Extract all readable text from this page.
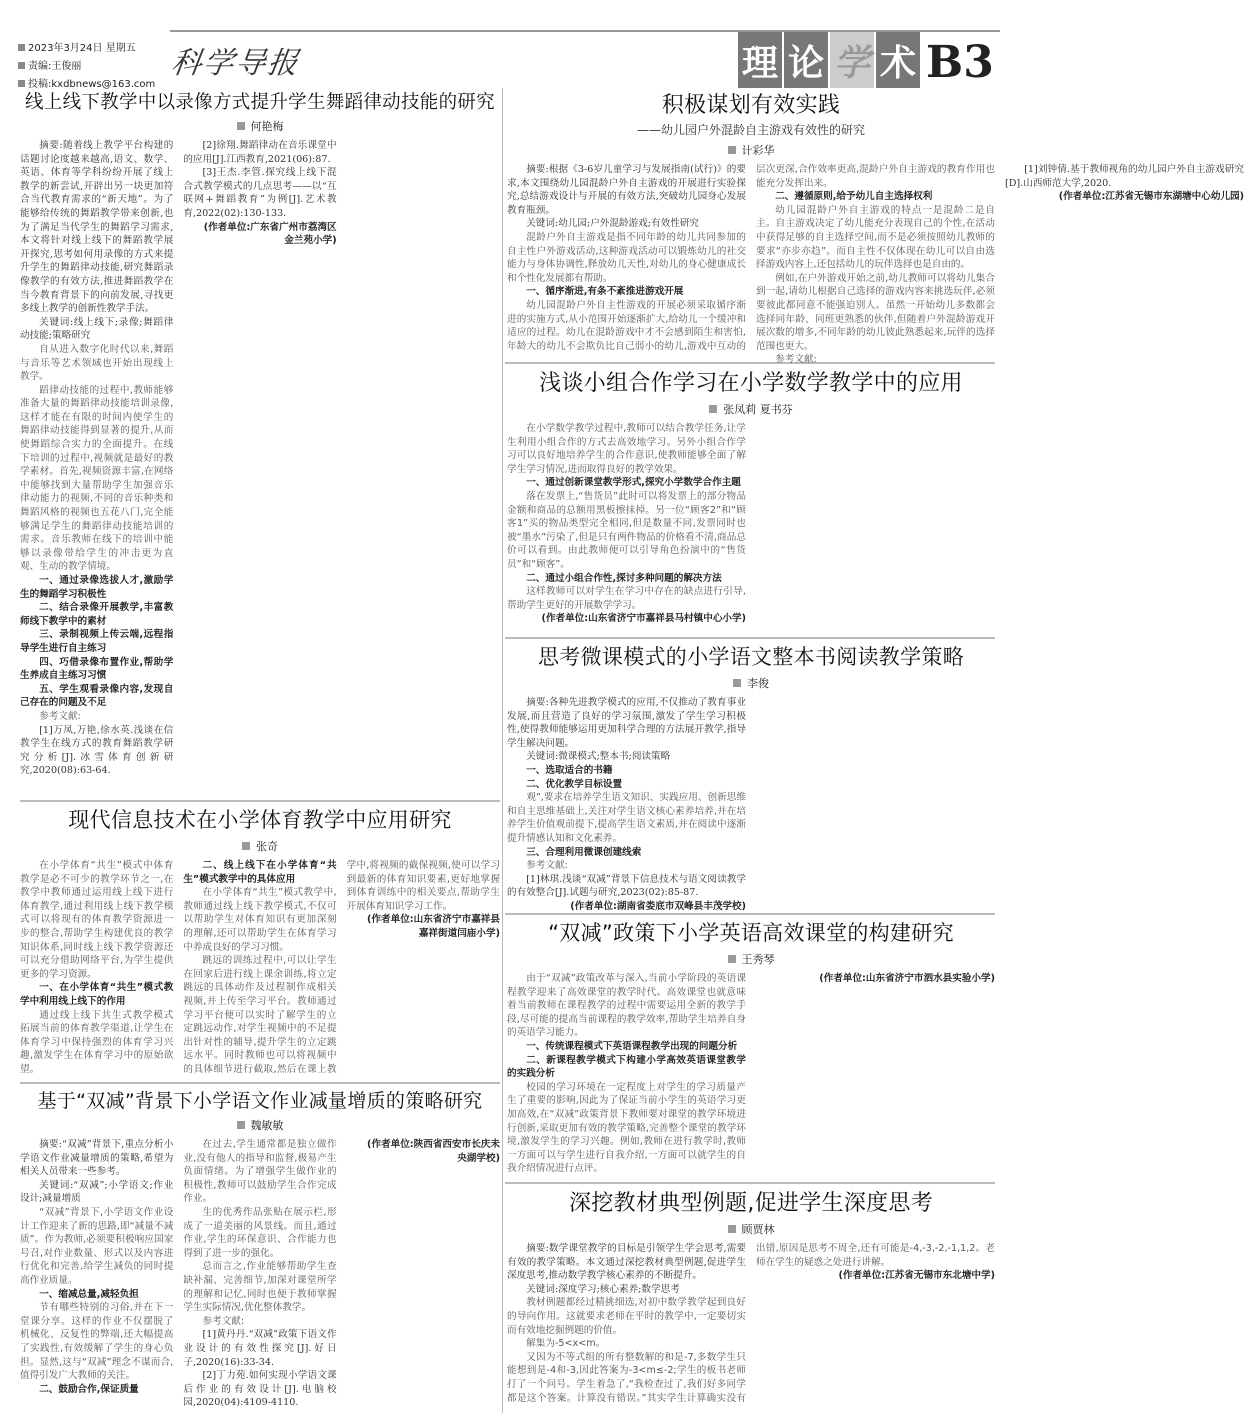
2023年3月24日 星期五
责编:王俊丽
投稿:kxdbnews@163.com
科学导报	理 论 学 术 B3
线上线下教学中以录像方式提升学生舞蹈律动技能的研究
何艳梅

摘要:随着线上教学平台构建的话题讨论度越来越高,语文、数学、英语、体育等学科纷纷开展了线上教学的新尝试,开辟出另一块更加符合当代教育需求的“新天地”。为了能够给传统的舞蹈教学带来创新,也为了满足当代学生的舞蹈学习需求,本文将针对线上线下的舞蹈教学展开探究,思考如何用录像的方式来提升学生的舞蹈律动技能,研究舞蹈录像教学的有效方法,推进舞蹈教学在当今教育背景下的向前发展,寻找更多线上教学的创新性教学手法。

关键词:线上线下;录像;舞蹈律动技能;策略研究

自从进入数字化时代以来,舞蹈与音乐等艺术领域也开始出现线上教学。

蹈律动技能的过程中,教师能够准备大量的舞蹈律动技能培训录像,这样才能在有限的时间内使学生的舞蹈律动技能得到显著的提升,从而使舞蹈综合实力的全面提升。在线下培训的过程中,视频就是最好的教学素材。首先,视频资源丰富,在网络中能够找到大量帮助学生加强音乐律动能力的视频,不同的音乐种类和舞蹈风格的视频也五花八门,完全能够满足学生的舞蹈律动技能培训的需求。音乐教师在线下的培训中能够以录像带给学生的冲击更为直观、生动的教学情境。

一、通过录像选拔人才,激励学生的舞蹈学习积极性

二、结合录像开展教学,丰富教师线下教学中的素材

三、录制视频上传云端,远程指导学生进行自主练习

四、巧借录像布置作业,帮助学生养成自主练习习惯

五、学生观看录像内容,发现自己存在的问题及不足

参考文献:

[1]万凤,万艳,徐水英.浅谈在信教学生在线方式的教育舞蹈教学研究分析[J].冰雪体育创新研究,2020(08):63-64.

[2]徐翔.舞蹈律动在音乐课堂中的应用[J].江西教育,2021(06):87.

[3]王杰.李管.探究线上线下混合式教学模式的几点思考——以“互联网+舞蹈教育”为例[J].艺术教育,2022(02):130-133.

(作者单位:广东省广州市荔湾区金兰苑小学)

现代信息技术在小学体育教学中应用研究
张奇

在小学体育“共生”模式中体育教学是必不可少的教学环节之一,在教学中教师通过运用线上线下进行体育教学,通过利用线上线下教学模式可以将现有的体育教学资源进一步的整合,帮助学生构建优良的教学知识体系,同时线上线下教学资源还可以充分借助网络平台,为学生提供更多的学习资源。

一、在小学体育“共生”模式教学中利用线上线下的作用

通过线上线下共生式教学模式拓展当前的体育教学渠道,让学生在体育学习中保持强烈的体育学习兴趣,激发学生在体育学习中的原始欲望。

二、线上线下在小学体育“共生”模式教学中的具体应用

在小学体育“共生”模式教学中,教师通过线上线下教学模式,不仅可以帮助学生对体育知识有更加深刻的理解,还可以帮助学生在体育学习中养成良好的学习习惯。

跳远的训练过程中,可以让学生在回家后进行线上课余训练,将立定跳远的具体动作及过程制作成相关视频,并上传至学习平台。教师通过学习平台便可以实时了解学生的立定跳远动作,对学生视频中的不足提出针对性的辅导,提升学生的立定跳远水平。同时教师也可以将视频中的具体细节进行截取,然后在课上教学中,将视频的截保视频,使可以学习到最新的体育知识要素,更好地掌握到体育训练中的相关要点,帮助学生开展体育知识学习工作。

(作者单位:山东省济宁市嘉祥县嘉祥街道闫庙小学)

基于“双减”背景下小学语文作业减量增质的策略研究
魏敏敏

摘要:“双减”背景下,重点分析小学语文作业减量增质的策略,希望为相关人员带来一些参考。

关键词:“双减”;小学语文;作业设计;减量增质

“双减”背景下,小学语文作业设计工作迎来了新的思路,即“减量不减质”。作为教师,必须要积极响应国家号召,对作业数量、形式以及内容进行优化和完善,给学生减负的同时提高作业质量。

一、缩减总量,减轻负担

节有哪些特别的习俗,并在下一堂课分享。这样的作业不仅摆脱了机械化、反复性的弊端,还大幅提高了实践性,有效缓解了学生的身心负担。显然,这与“双减”理念不谋而合,值得引发广大教师的关注。

二、鼓励合作,保证质量

在过去,学生通常都是独立做作业,没有他人的指导和监督,极易产生负面情绪。为了增强学生做作业的积极性,教师可以鼓励学生合作完成作业。

生的优秀作品张贴在展示栏,形成了一道美丽的风景线。而且,通过作业,学生的环保意识、合作能力也得到了进一步的强化。

总而言之,作业能够帮助学生查缺补漏、完善细节,加深对课堂所学的理解和记忆,同时也便于教师掌握学生实际情况,优化整体教学。

参考文献:

[1]黄丹丹.“双减”政策下语文作业设计的有效性探究[J].好日子,2020(16):33-34.

[2]丁力苑.如何实现小学语文课后作业的有效设计[J].电脑校园,2020(04):4109-4110.

(作者单位:陕西省西安市长庆未央湖学校)

积极谋划有效实践
——幼儿园户外混龄自主游戏有效性的研究
计彩华

摘要:根据《3-6岁儿童学习与发展指南(试行)》的要求,本文围绕幼儿园混龄户外自主游戏的开展进行实验探究,总结游戏设计与开展的有效方法,突破幼儿园身心发展教育瓶颈。

关键词:幼儿园;户外混龄游戏;有效性研究

混龄户外自主游戏是指不同年龄的幼儿共同参加的自主性户外游戏活动,这种游戏活动可以锻炼幼儿的社交能力与身体协调性,释放幼儿天性,对幼儿的身心健康成长和个性化发展都有帮助。

一、循序渐进,有条不紊推进游戏开展

幼儿园混龄户外自主性游戏的开展必须采取循序渐进的实施方式,从小范围开始逐渐扩大,给幼儿一个缓冲和适应的过程。幼儿在混龄游戏中才不会感到陌生和害怕,年龄大的幼儿不会欺负比自己弱小的幼儿,游戏中互动的层次更深,合作效率更高,混龄户外自主游戏的教育作用也能充分发挥出来。

二、遵循原则,给予幼儿自主选择权利

幼儿园混龄户外自主游戏的特点一是混龄二是自主。自主游戏决定了幼儿能充分表现自己的个性,在活动中获得足够的自主选择空间,而不是必须按照幼儿教师的要求“亦步亦趋”。而自主性不仅体现在幼儿可以自由选择游戏内容上,还包括幼儿的玩伴选择也是自由的。

例如,在户外游戏开始之前,幼儿教师可以将幼儿集合到一起,请幼儿根据自己选择的游戏内容来挑选玩伴,必须要彼此都同意不能强迫别人。虽然一开始幼儿多数都会选择同年龄、同班更熟悉的伙伴,但随着户外混龄游戏开展次数的增多,不同年龄的幼儿彼此熟悉起来,玩伴的选择范围也更大。

参考文献:

[1]刘钟倩.基于教师视角的幼儿园户外自主游戏研究[D].山西师范大学,2020.

(作者单位:江苏省无锡市东湖塘中心幼儿园)

浅谈小组合作学习在小学数学教学中的应用
张凤莉 夏书芬

在小学数学教学过程中,教师可以结合教学任务,让学生利用小组合作的方式去高效地学习。另外小组合作学习可以良好地培养学生的合作意识,使教师能够全面了解学生学习情况,进而取得良好的教学效果。

一、通过创新课堂教学形式,探究小学数学合作主题

落在发票上,“售货员”此时可以将发票上的部分物品金额和商品的总额用黑板擦抹掉。另一位“顾客2”和“顾客1”买的物品类型完全相同,但是数量不同,发票同时也被“墨水”污染了,但是只有两件物品的价格看不清,商品总价可以看到。由此教师便可以引导角色扮演中的“售货员”和“顾客”。

二、通过小组合作性,探讨多种问题的解决方法

这样教师可以对学生在学习中存在的缺点进行引导,帮助学生更好的开展数学学习。

(作者单位:山东省济宁市嘉祥县马村镇中心小学)

思考微课模式的小学语文整本书阅读教学策略
李俊

摘要:各种先进教学模式的应用,不仅推动了教育事业发展,而且营造了良好的学习氛围,激发了学生学习积极性,使得教师能够运用更加科学合理的方法展开教学,指导学生解决问题。

关键词:微课模式;整本书;阅读策略

一、选取适合的书籍

二、优化教学目标设置

观”,要求在培养学生语文知识、实践应用、创新思维和自主思维基础上,关注对学生语文核心素养培养,并在培养学生价值观前提下,提高学生语文素质,并在阅读中逐渐提升情感认知和文化素养。

三、合理利用微课创建线索

参考文献:

[1]林琪.浅谈“双减”背景下信息技术与语文阅读教学的有效整合[J].试题与研究,2023(02):85-87.

(作者单位:湖南省娄底市双峰县丰茂学校)

“双减”政策下小学英语高效课堂的构建研究
王秀琴

由于“双减”政策改革与深入,当前小学阶段的英语课程教学迎来了高效课堂的教学时代。高效课堂也就意味着当前教师在课程教学的过程中需要运用全新的教学手段,尽可能的提高当前课程的教学效率,帮助学生培养自身的英语学习能力。

一、传统课程模式下英语课程教学出现的问题分析

二、新课程教学模式下构建小学高效英语课堂教学的实践分析

校园的学习环境在一定程度上对学生的学习质量产生了重要的影响,因此为了保证当前小学生的英语学习更加高效,在“双减”政策背景下教师要对课堂的教学环境进行创新,采取更加有效的教学策略,完善整个课堂的教学环境,激发学生的学习兴趣。例如,教师在进行教学时,教师一方面可以与学生进行自我介绍,一方面可以就学生的自我介绍情况进行点评。

(作者单位:山东省济宁市泗水县实验小学)

深挖教材典型例题,促进学生深度思考
顾贾林

摘要:数学课堂教学的目标是引领学生学会思考,需要有效的教学策略。本文通过深挖教材典型例题,促进学生深度思考,推动数学教学核心素养的不断提升。

关键词:深度学习;核心素养;数学思考

教材例题都经过精挑细选,对初中数学教学起到良好的导向作用。这就要求老师在平时的教学中,一定要切实而有效地挖掘例题的价值。

解集为-5<x<m。

又因为不等式组的所有整数解的和是-7,多数学生只能想到是-4和-3,因此答案为-3<m≤-2;学生的板书老师打了一个问号。学生着急了,“我检查过了,我们好多同学都是这个答案。计算没有错误。”其实学生计算确实没有出错,原因是思考不周全,还有可能是-4,-3,-2,-1,1,2。老师在学生的疑惑之处进行讲解。

(作者单位:江苏省无锡市东北塘中学)
